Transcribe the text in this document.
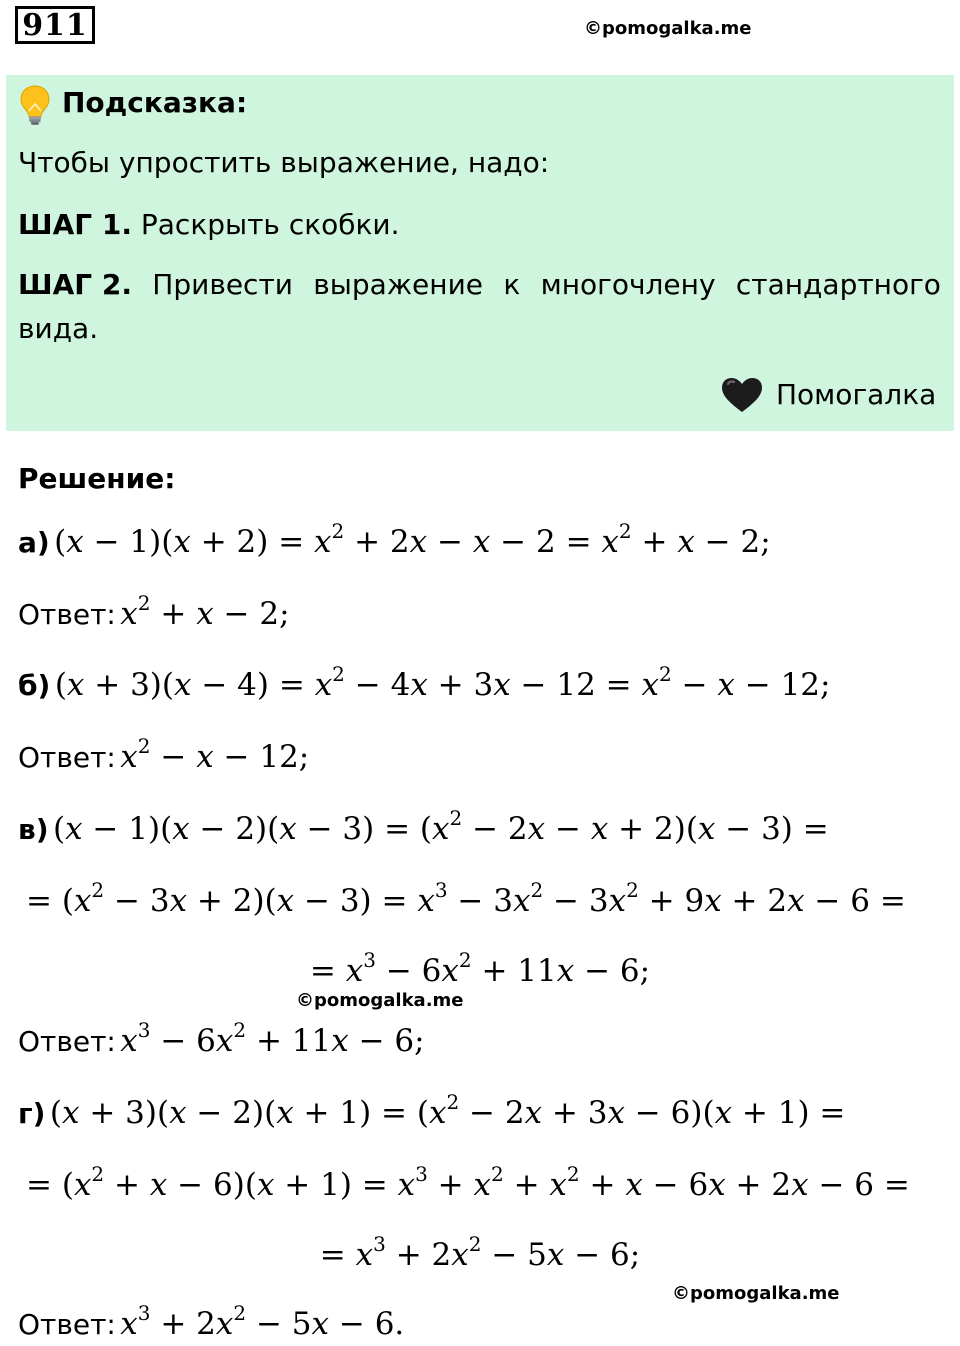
911	©pomogalka.me
Подсказка:
Чтобы упростить выражение, надо:
ШАГ 1. Раскрыть скобки.
ШАГ 2. Привести выражение к многочлену стандартного
вида.
Помогалка
Решение:
а) $(x - 1)(x + 2) = x^2 + 2x - x - 2 = x^2 + x - 2$;
Ответ: $x^2 + x - 2$;
б) $(x + 3)(x - 4) = x^2 - 4x + 3x - 12 = x^2 - x - 12$;
Ответ: $x^2 - x - 12$;
в) $(x - 1)(x - 2)(x - 3) = (x^2 - 2x - x + 2)(x - 3)$ =
= $(x^2 - 3x + 2)(x - 3) = x^3 - 3x^2 - 3x^2 + 9x + 2x - 6$ =
= $x^3 - 6x^2 + 11x - 6$;
©pomogalka.me
Ответ: $x^3 - 6x^2 + 11x - 6$;
г) $(x + 3)(x - 2)(x + 1) = (x^2 - 2x + 3x - 6)(x + 1)$ =
= $(x^2 + x - 6)(x + 1) = x^3 + x^2 + x^2 + x - 6x + 2x - 6$ =
= $x^3 + 2x^2 - 5x - 6$;
©pomogalka.me
Ответ: $x^3 + 2x^2 - 5x - 6$.
